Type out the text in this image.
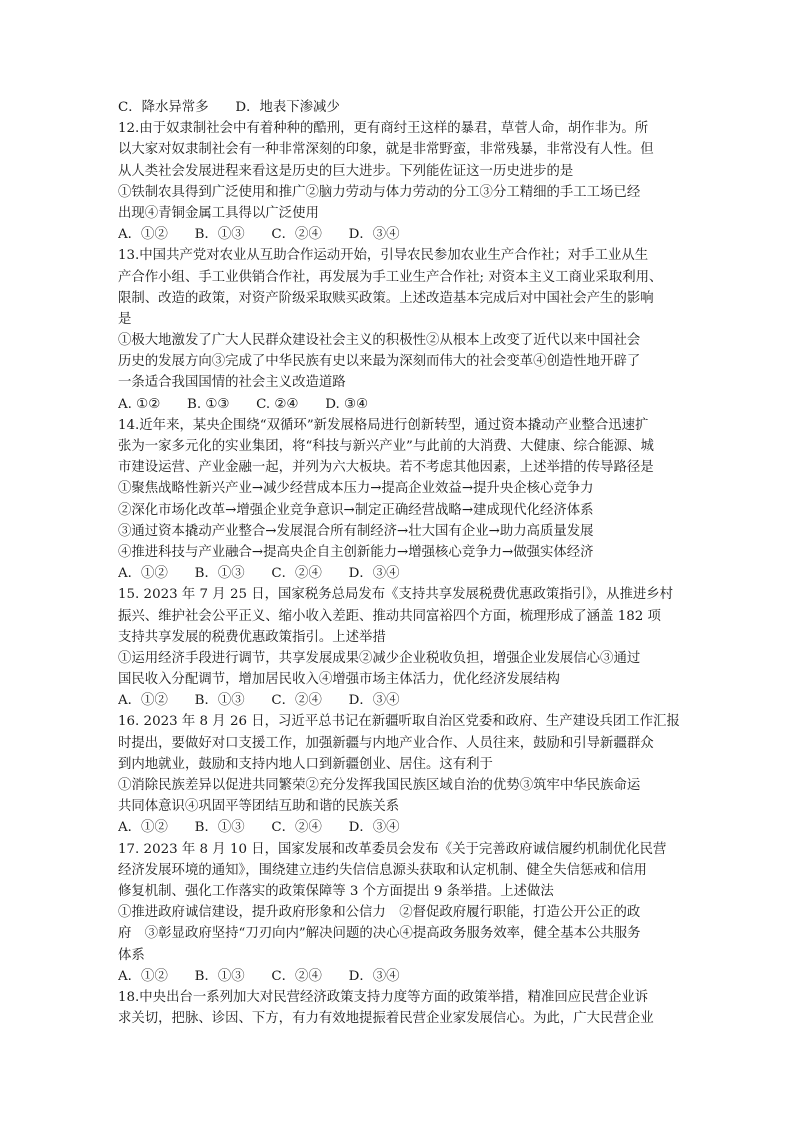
C．降水异常多　　D．地表下渗减少
12.由于奴隶制社会中有着种种的酷刑，更有商纣王这样的暴君，草菅人命，胡作非为。所
以大家对奴隶制社会有一种非常深刻的印象，就是非常野蛮，非常残暴，非常没有人性。但
从人类社会发展进程来看这是历史的巨大进步。下列能佐证这一历史进步的是
①铁制农具得到广泛使用和推广②脑力劳动与体力劳动的分工③分工精细的手工工场已经
出现④青铜金属工具得以广泛使用
A．①②　　B．①③　　C．②④　　D．③④
13.中国共产党对农业从互助合作运动开始，引导农民参加农业生产合作社；对手工业从生
产合作小组、手工业供销合作社，再发展为手工业生产合作社; 对资本主义工商业采取利用、
限制、改造的政策，对资产阶级采取赎买政策。上述改造基本完成后对中国社会产生的影响
是
①极大地激发了广大人民群众建设社会主义的积极性②从根本上改变了近代以来中国社会
历史的发展方向③完成了中华民族有史以来最为深刻而伟大的社会变革④创造性地开辟了
一条适合我国国情的社会主义改造道路
A. ①②　　B. ①③　　C. ②④　　D. ③④
14.近年来，某央企围绕“双循环”新发展格局进行创新转型，通过资本撬动产业整合迅速扩
张为一家多元化的实业集团，将“科技与新兴产业”与此前的大消费、大健康、综合能源、城
市建设运营、产业金融一起，并列为六大板块。若不考虑其他因素，上述举措的传导路径是
①聚焦战略性新兴产业→减少经营成本压力→提高企业效益→提升央企核心竞争力
②深化市场化改革→增强企业竞争意识→制定正确经营战略→建成现代化经济体系
③通过资本撬动产业整合→发展混合所有制经济→壮大国有企业→助力高质量发展
④推进科技与产业融合→提高央企自主创新能力→增强核心竞争力→做强实体经济
A．①②　　B．①③　　C．②④　　D．③④
15. 2023 年 7 月 25 日，国家税务总局发布《支持共享发展税费优惠政策指引》，从推进乡村
振兴、维护社会公平正义、缩小收入差距、推动共同富裕四个方面，梳理形成了涵盖 182 项
支持共享发展的税费优惠政策指引。上述举措
①运用经济手段进行调节，共享发展成果②减少企业税收负担，增强企业发展信心③通过
国民收入分配调节，增加居民收入④增强市场主体活力，优化经济发展结构
A．①②　　B．①③　　C．②④　　D．③④
16. 2023 年 8 月 26 日，习近平总书记在新疆听取自治区党委和政府、生产建设兵团工作汇报
时提出，要做好对口支援工作，加强新疆与内地产业合作、人员往来，鼓励和引导新疆群众
到内地就业，鼓励和支持内地人口到新疆创业、居住。这有利于
①消除民族差异以促进共同繁荣②充分发挥我国民族区域自治的优势③筑牢中华民族命运
共同体意识④巩固平等团结互助和谐的民族关系
A．①②　　B．①③　　C．②④　　D．③④
17. 2023 年 8 月 10 日，国家发展和改革委员会发布《关于完善政府诚信履约机制优化民营
经济发展环境的通知》，围绕建立违约失信信息源头获取和认定机制、健全失信惩戒和信用
修复机制、强化工作落实的政策保障等 3 个方面提出 9 条举措。上述做法
①推进政府诚信建设，提升政府形象和公信力　②督促政府履行职能，打造公开公正的政
府　③彰显政府坚持“刀刃向内”解决问题的决心④提高政务服务效率，健全基本公共服务
体系
A．①②　　B．①③　　C．②④　　D．③④
18.中央出台一系列加大对民营经济政策支持力度等方面的政策举措，精准回应民营企业诉
求关切，把脉、诊因、下方，有力有效地提振着民营企业家发展信心。为此，广大民营企业
